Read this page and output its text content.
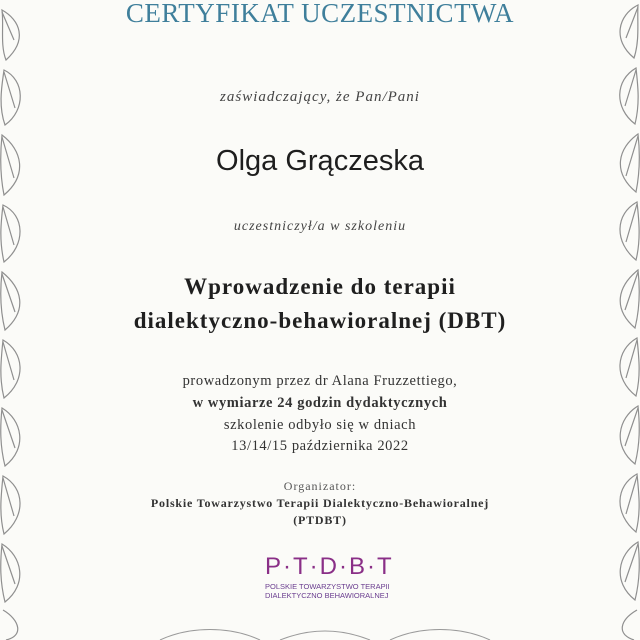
CERTYFIKAT UCZESTNICTWA
zaświadczający, że Pan/Pani
Olga Grączeska
uczestniczył/a w szkoleniu
Wprowadzenie do terapii
dialektyczno-behawioralnej (DBT)
prowadzonym przez dr Alana Fruzzettiego,
w wymiarze 24 godzin dydaktycznych
szkolenie odbyło się w dniach
13/14/15 października 2022
Organizator:
Polskie Towarzystwo Terapii Dialektyczno-Behawioralnej
(PTDBT)
P·T·D·B·T
POLSKIE TOWARZYSTWO TERAPII
DIALEKTYCZNO BEHAWIORALNEJ
